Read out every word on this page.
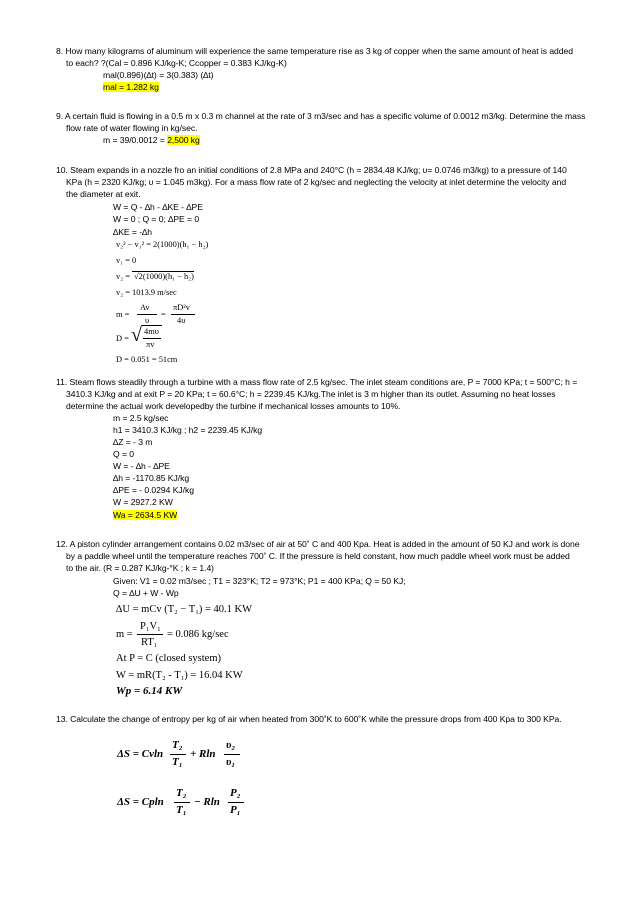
8. How many kilograms of aluminum will experience the same temperature rise as 3 kg of copper when the same amount of heat is added
to each? ?(Cal = 0.896 KJ/kg-K; Ccopper = 0.383 KJ/kg-K)
mal(0.896)(∆t) = 3(0.383) (∆t)
mal = 1.282 kg
9. A certain fluid is flowing in a 0.5 m x 0.3 m channel at the rate of 3 m3/sec and has a specific volume of 0.0012 m3/kg. Determine the mass
flow rate of water flowing in kg/sec.
m = 39/0.0012 = 2,500 kg
10. Steam expands in a nozzle fro an initial conditions of 2.8 MPa and 240°C (h = 2834.48 KJ/kg; υ= 0.0746 m3/kg) to a pressure of 140
KPa (h = 2320 KJ/kg; υ = 1.045 m3kg). For a mass flow rate of 2 kg/sec and neglecting the velocity at inlet determine the velocity and
the diameter at exit.
W = Q - ∆h - ∆KE - ∆PE
W = 0 ; Q = 0; ∆PE = 0
∆KE = -∆h
v₂² − v₁² = 2(1000)(h₁ − h₂)
v₁ = 0
v₂ = √2(1000)(h₁ − h₂)
v₂ = 1013.9 m/sec
m =
Av
υ
=
πD²v
4υ
D = √ 4mυ
πv
D = 0.051 = 51cm
11. Steam flows steadily through a turbine with a mass flow rate of 2.5 kg/sec. The inlet steam conditions are, P = 7000 KPa; t = 500°C; h =
3410.3 KJ/kg and at exit P = 20 KPa; t = 60.6°C; h = 2239.45 KJ/kg.The inlet is 3 m higher than its outlet. Assuming no heat losses
determine the actual work developedby the turbine if mechanical losses amounts to 10%.
m = 2.5 kg/sec
h1 = 3410.3 KJ/kg ; h2 = 2239.45 KJ/kg
∆Z = - 3 m
Q = 0
W = - ∆h - ∆PE
∆h = -1170.85 KJ/kg
∆PE = - 0.0294 KJ/kg
W = 2927.2 KW
Wa = 2634.5 KW
12. A piston cylinder arrangement contains 0.02 m3/sec of air at 50˚ C and 400 Kpa. Heat is added in the amount of 50 KJ and work is done
by a paddle wheel until the temperature reaches 700˚ C. If the pressure is held constant, how much paddle wheel work must be added
to the air. (R = 0.287 KJ/kg-°K ; k = 1.4)
Given: V1 = 0.02 m3/sec ; T1 = 323°K; T2 = 973°K; P1 = 400 KPa; Q = 50 KJ;
Q = ∆U + W - Wp
∆U = mCv (T₂ − T₁) = 40.1 KW
m =
P₁V₁
RT₁
= 0.086 kg/sec
At P = C (closed system)
W = mR(T₂ - T₁) = 16.04 KW
Wp = 6.14 KW
13. Calculate the change of entropy per kg of air when heated from 300˚K to 600˚K while the pressure drops from 400 Kpa to 300 KPa.
ΔS = Cvln
T₂
T₁
+ Rln
υ₂
υ₁
ΔS = Cpln
T₂
T₁
− Rln
P₂
P₁
